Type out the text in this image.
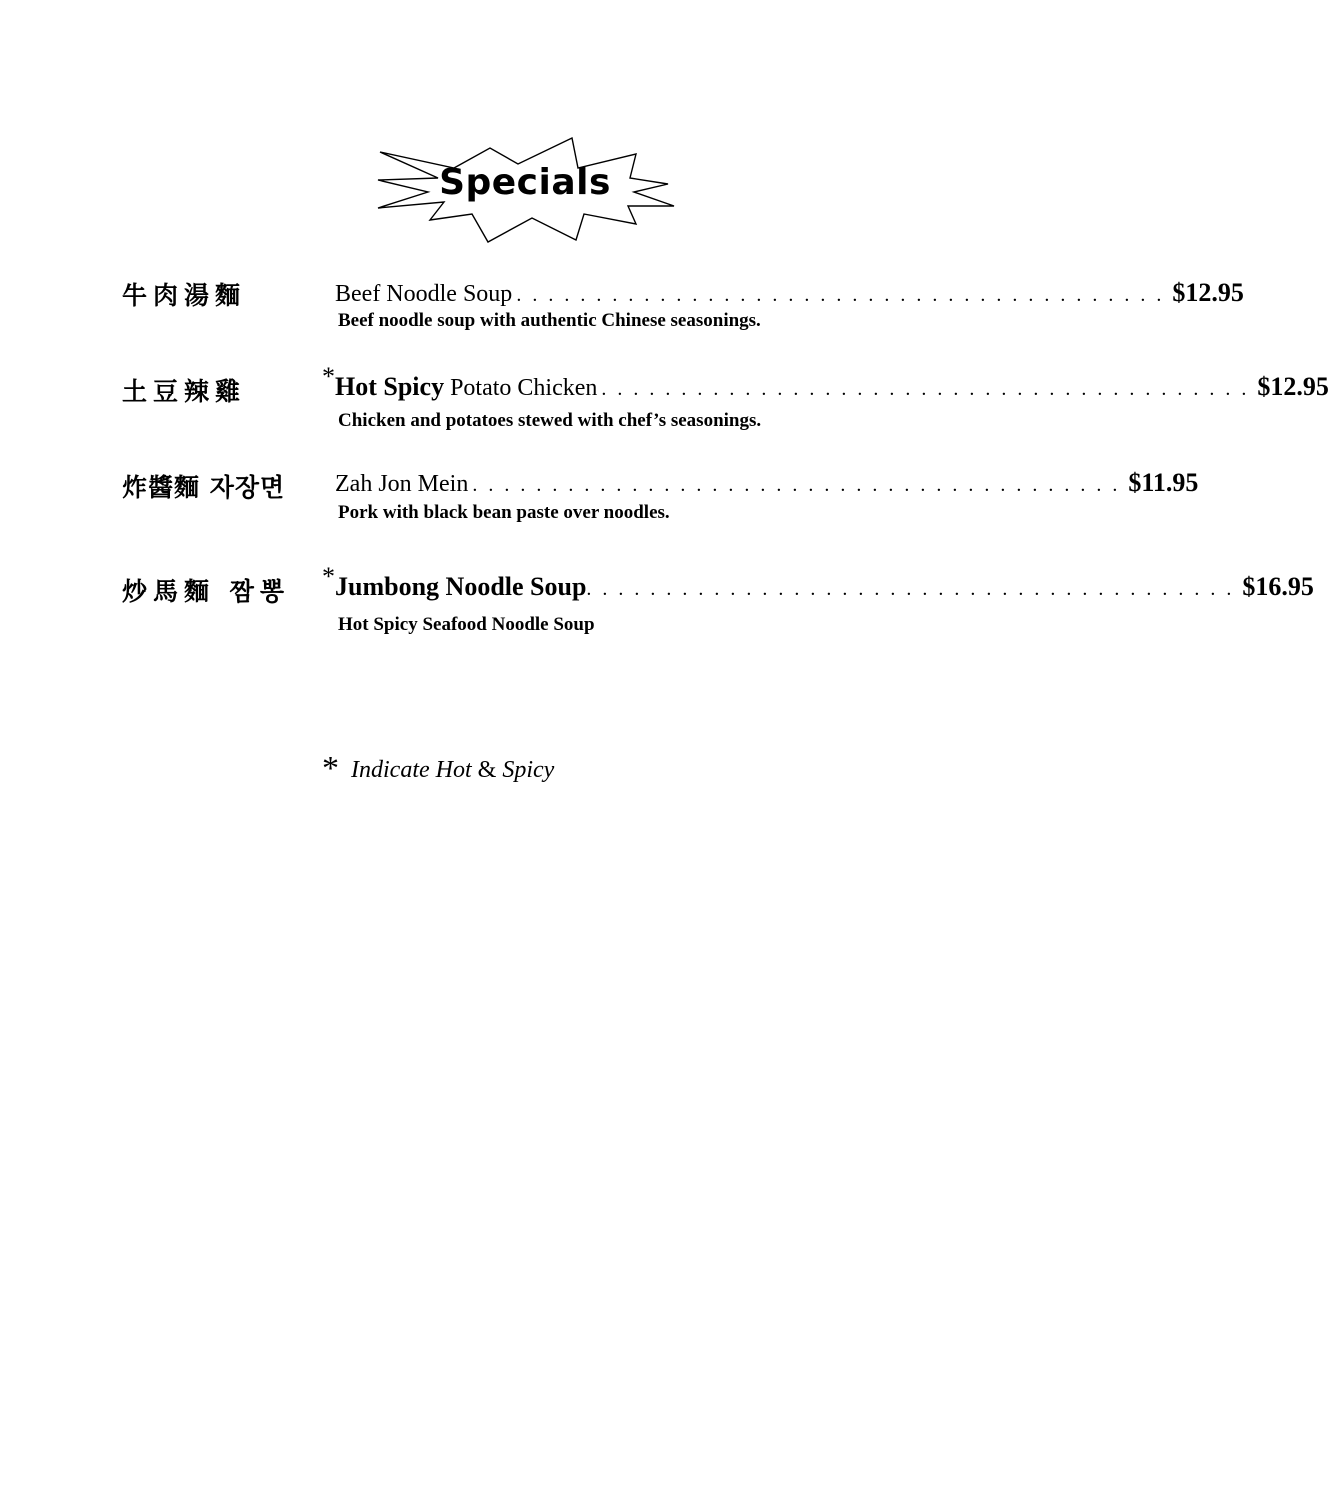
Specials
牛肉湯麵	Beef Noodle Soup . . . . . . . . . . . . . . . . . . . . . . . . . . . . . . . . . . . . . . . . . $12.95
Beef noodle soup with authentic Chinese seasonings.
土豆辣雞
* Hot Spicy Potato Chicken . . . . . . . . . . . . . . . . . . . . . . . . . . . . . . . . . . . . . . . . . $12.95
Chicken and potatoes stewed with chef’s seasonings.
炸醬麵 자장면 Zah Jon Mein . . . . . . . . . . . . . . . . . . . . . . . . . . . . . . . . . . . . . . . . . $11.95
Pork with black bean paste over noodles.
炒馬麵 짬뽕
* Jumbong Noodle Soup . . . . . . . . . . . . . . . . . . . . . . . . . . . . . . . . . . . . . . . . . $16.95
Hot Spicy Seafood Noodle Soup
* Indicate Hot & Spicy
